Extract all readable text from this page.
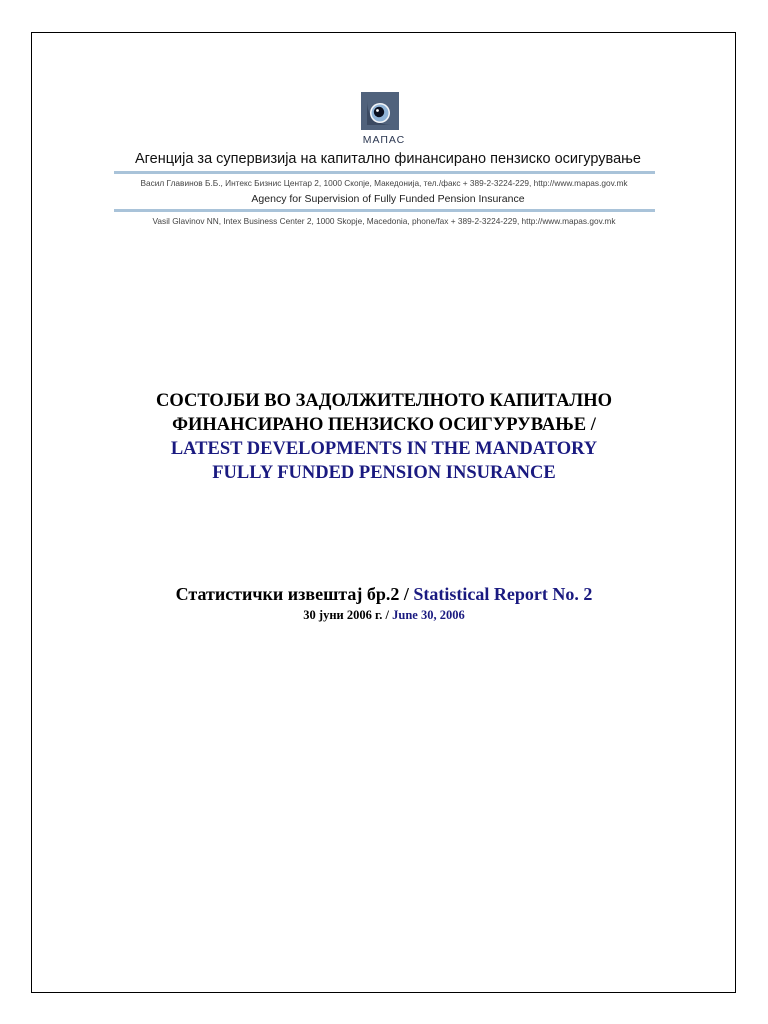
МАПАС
Агенција за супервизија на капитално финансирано пензиско осигурување
Васил Главинов Б.Б., Интекс Бизнис Центар 2, 1000 Скопје, Македонија, тел./факс + 389-2-3224-229, http://www.mapas.gov.mk
Agency for Supervision of Fully Funded Pension Insurance
Vasil Glavinov NN, Intex Business Center 2, 1000 Skopje, Macedonia, phone/fax + 389-2-3224-229, http://www.mapas.gov.mk
СОСТОЈБИ ВО ЗАДОЛЖИТЕЛНОТО КАПИТАЛНО
ФИНАНСИРАНО ПЕНЗИСКО ОСИГУРУВАЊЕ /
LATEST DEVELOPMENTS IN THE MANDATORY
FULLY FUNDED PENSION INSURANCE
Статистички извештај бр.2 / Statistical Report No. 2
30 јуни 2006 г. / June 30, 2006
